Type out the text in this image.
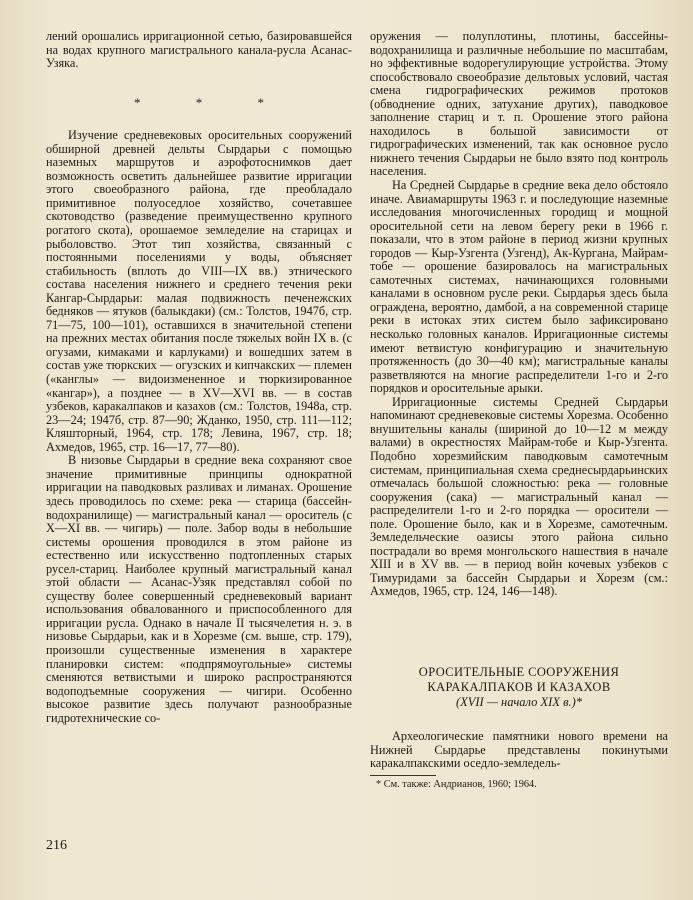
лений орошались ирригационной сетью, базировавшейся на водах крупного магистрального канала-русла Асанас-Узяка.

* * *

Изучение средневековых оросительных сооружений обширной древней дельты Сырдарьи с помощью наземных маршрутов и аэрофотоснимков дает возможность осветить дальнейшее развитие ирригации этого своеобразного района, где преобладало примитивное полуоседлое хозяйство, сочетавшее скотоводство (разведение преимущественно крупного рогатого скота), орошаемое земледелие на старицах и рыболовство. Этот тип хозяйства, связанный с постоянными поселениями у воды, объясняет стабильность (вплоть до VIII—IX вв.) этнического состава населения нижнего и среднего течения реки Кангар-Сырдарьи: малая подвижность печенежских бедняков — ятуков (балыкдаки) (см.: Толстов, 1947б, стр. 71—75, 100—101), оставшихся в значительной степени на прежних местах обитания после тяжелых войн IX в. (с огузами, кимаками и карлуками) и вошедших затем в состав уже тюркских — огузских и кипчакских — племен («канглы» — видоизмененное и тюркизированное «кангар»), а позднее — в XV—XVI вв. — в состав узбеков, каракалпаков и казахов (см.: Толстов, 1948а, стр. 23—24; 1947б, стр. 87—90; Жданко, 1950, стр. 111—112; Кляшторный, 1964, стр. 178; Левина, 1967, стр. 18; Ахмедов, 1965, стр. 16—17, 77—80).

В низовье Сырдарьи в средние века сохраняют свое значение примитивные принципы однократной ирригации на паводковых разливах и лиманах. Орошение здесь проводилось по схеме: река — старица (бассейн-водохранилище) — магистральный канал — ороситель (с X—XI вв. — чигирь) — поле. Забор воды в небольшие системы орошения проводился в этом районе из естественно или искусственно подтопленных старых русел-стариц. Наиболее крупный магистральный канал этой области — Асанас-Узяк представлял собой по существу более совершенный средневековый вариант использования обвалованного и приспособленного для ирригации русла. Однако в начале II тысячелетия н. э. в низовье Сырдарьи, как и в Хорезме (см. выше, стр. 179), произошли существенные изменения в характере планировки систем: «подпрямоугольные» системы сменяются ветвистыми и широко распространяются водоподъемные сооружения — чигири. Особенно высокое развитие здесь получают разнообразные гидротехнические со-

оружения — полуплотины, плотины, бассейны-водохранилища и различные небольшие по масштабам, но эффективные водорегулирующие устройства. Этому способствовало своеобразие дельтовых условий, частая смена гидрографических режимов протоков (обводнение одних, затухание других), паводковое заполнение стариц и т. п. Орошение этого района находилось в большой зависимости от гидрографических изменений, так как основное русло нижнего течения Сырдарьи не было взято под контроль населения.

На Средней Сырдарье в средние века дело обстояло иначе. Авиамаршруты 1963 г. и последующие наземные исследования многочисленных городищ и мощной оросительной сети на левом берегу реки в 1966 г. показали, что в этом районе в период жизни крупных городов — Кыр-Узгента (Узгенд), Ак-Кургана, Майрам-тобе — орошение базировалось на магистральных самотечных системах, начинающихся головными каналами в основном русле реки. Сырдарья здесь была ограждена, вероятно, дамбой, а на современной старице реки в истоках этих систем было зафиксировано несколько головных каналов. Ирригационные системы имеют ветвистую конфигурацию и значительную протяженность (до 30—40 км); магистральные каналы разветвляются на многие распределители 1-го и 2-го порядков и оросительные арыки.

Ирригационные системы Средней Сырдарьи напоминают средневековые системы Хорезма. Особенно внушительны каналы (шириной до 10—12 м между валами) в окрестностях Майрам-тобе и Кыр-Узгента. Подобно хорезмийским паводковым самотечным системам, принципиальная схема среднесырдарьинских отмечалась большой сложностью: река — головные сооружения (сака) — магистральный канал — распределители 1-го и 2-го порядка — оросители — поле. Орошение было, как и в Хорезме, самотечным. Земледельческие оазисы этого района сильно пострадали во время монгольского нашествия в начале XIII и в XV вв. — в период войн кочевых узбеков с Тимуридами за бассейн Сырдарьи и Хорезм (см.: Ахмедов, 1965, стр. 124, 146—148).

ОРОСИТЕЛЬНЫЕ СООРУЖЕНИЯ
КАРАКАЛПАКОВ И КАЗАХОВ
(XVII — начало XIX в.)*

Археологические памятники нового времени на Нижней Сырдарье представлены покинутыми каракалпакскими оседло-земледель-

* См. также: Андрианов, 1960; 1964.
216
